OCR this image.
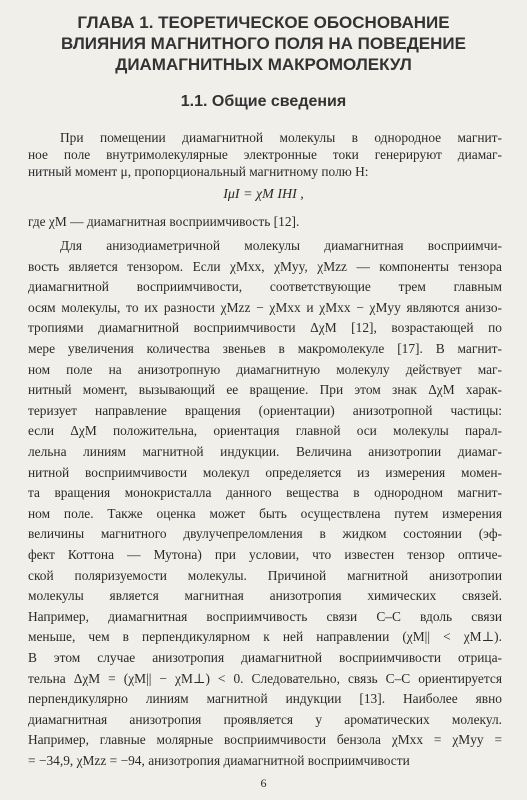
ГЛАВА 1. ТЕОРЕТИЧЕСКОЕ ОБОСНОВАНИЕ
ВЛИЯНИЯ МАГНИТНОГО ПОЛЯ НА ПОВЕДЕНИЕ
ДИАМАГНИТНЫХ МАКРОМОЛЕКУЛ
1.1. Общие сведения
При помещении диамагнитной молекулы в однородное магнит-
ное поле внутримолекулярные электронные токи генерируют диамаг-
нитный момент μ, пропорциональный магнитному полю H:
IμI = χM IHI ,
где χM — диамагнитная восприимчивость [12].
Для анизодиаметричной молекулы диамагнитная восприимчи-
вость является тензором. Если χMxx, χMyy, χMzz — компоненты тензора
диамагнитной восприимчивости, соответствующие трем главным
осям молекулы, то их разности χMzz − χMxx и χMxx − χMyy являются анизо-
тропиями диамагнитной восприимчивости ΔχM [12], возрастающей по
мере увеличения количества звеньев в макромолекуле [17]. В магнит-
ном поле на анизотропную диамагнитную молекулу действует маг-
нитный момент, вызывающий ее вращение. При этом знак ΔχM харак-
теризует направление вращения (ориентации) анизотропной частицы:
если ΔχM положительна, ориентация главной оси молекулы парал-
лельна линиям магнитной индукции. Величина анизотропии диамаг-
нитной восприимчивости молекул определяется из измерения момен-
та вращения монокристалла данного вещества в однородном магнит-
ном поле. Также оценка может быть осуществлена путем измерения
величины магнитного двулучепреломления в жидком состоянии (эф-
фект Коттона — Мутона) при условии, что известен тензор оптиче-
ской поляризуемости молекулы. Причиной магнитной анизотропии
молекулы является магнитная анизотропия химических связей.
Например, диамагнитная восприимчивость связи С–С вдоль связи
меньше, чем в перпендикулярном к ней направлении (χM|| < χM⊥).
В этом случае анизотропия диамагнитной восприимчивости отрица-
тельна ΔχM = (χM|| − χM⊥) < 0. Следовательно, связь С–С ориентируется
перпендикулярно линиям магнитной индукции [13]. Наиболее явно
диамагнитная анизотропия проявляется у ароматических молекул.
Например, главные молярные восприимчивости бензола χMxx = χMyy =
= −34,9, χMzz = −94, анизотропия диамагнитной восприимчивости
6
